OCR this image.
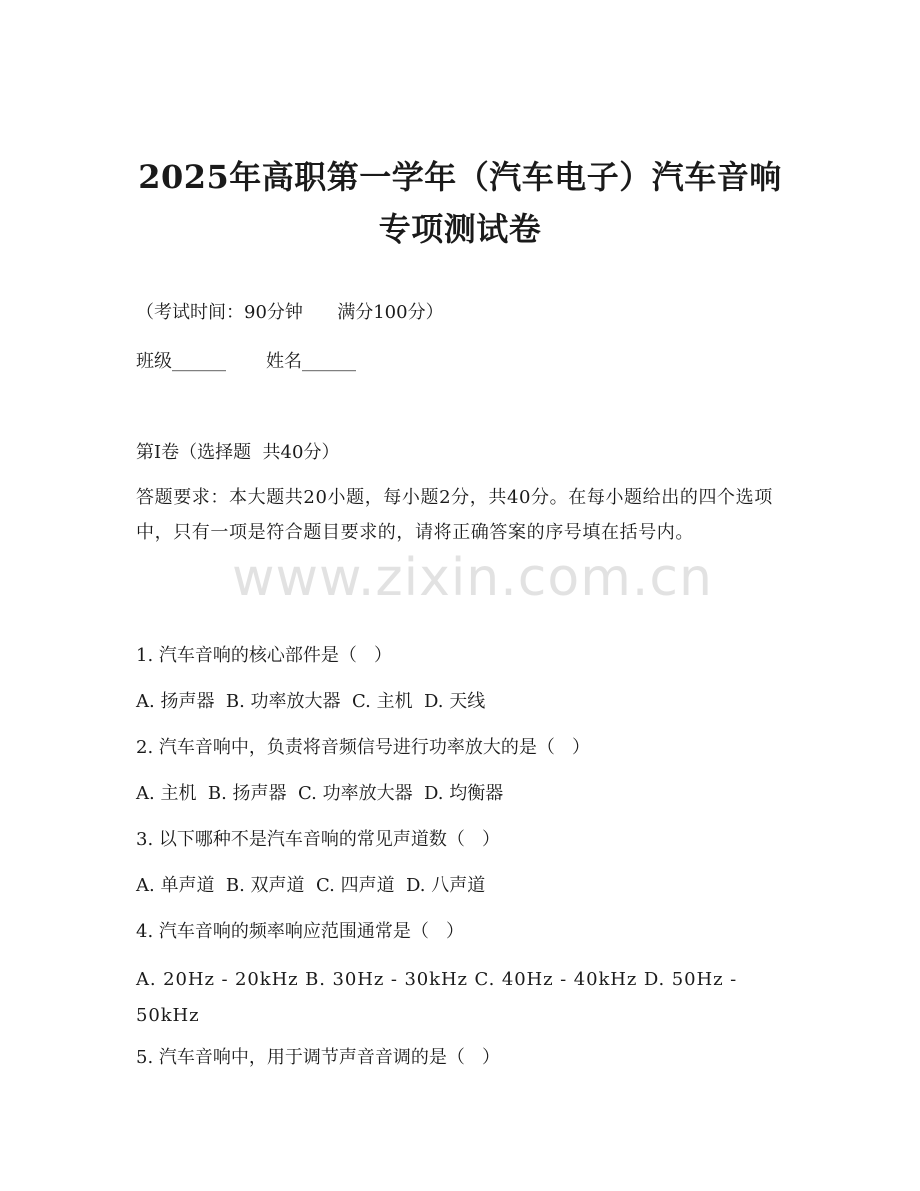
2025年高职第一学年（汽车电子）汽车音响
专项测试卷
（考试时间：90分钟      满分100分）
班级______       姓名______
第I卷（选择题  共40分）
答题要求：本大题共20小题，每小题2分，共40分。在每小题给出的四个选项中，只有一项是符合题目要求的，请将正确答案的序号填在括号内。
www.zixin.com.cn
1. 汽车音响的核心部件是（   ）
A. 扬声器  B. 功率放大器  C. 主机  D. 天线
2. 汽车音响中，负责将音频信号进行功率放大的是（   ）
A. 主机  B. 扬声器  C. 功率放大器  D. 均衡器
3. 以下哪种不是汽车音响的常见声道数（   ）
A. 单声道  B. 双声道  C. 四声道  D. 八声道
4. 汽车音响的频率响应范围通常是（   ）
A. 20Hz - 20kHz B. 30Hz - 30kHz C. 40Hz - 40kHz D. 50Hz - 50kHz
5. 汽车音响中，用于调节声音音调的是（   ）
